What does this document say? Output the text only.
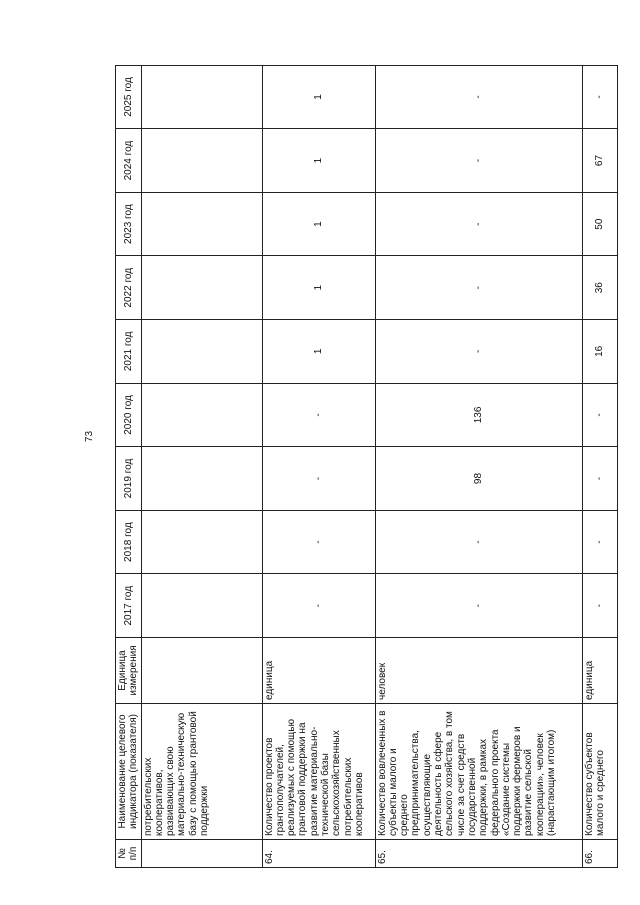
73
№ п/п	Наименование целевого индикатора (показателя)	Единица измерения	2017 год	2018 год	2019 год	2020 год	2021 год	2022 год	2023 год	2024 год	2025 год
	потребительских кооперативов, развивающих свою материально-техническую базу с помощью грантовой поддержки										
64.	Количество проектов грантополучателей, реализуемых с помощью грантовой поддержки на развитие материально-технической базы сельскохозяйственных потребительских кооперативов	единица	-	-	-	-	1	1	1	1	1
65.	Количество вовлеченных в субъекты малого и среднего предпринимательства, осуществляющие деятельность в сфере сельского хозяйства, в том числе за счет средств государственной поддержки, в рамках федерального проекта «Создание системы поддержки фермеров и развитие сельской кооперации», человек (нарастающим итогом)	человек	-	-	98	136	-	-	-	-	-
66.	Количество субъектов малого и среднего	единица	-	-	-	-	16	36	50	67	-
